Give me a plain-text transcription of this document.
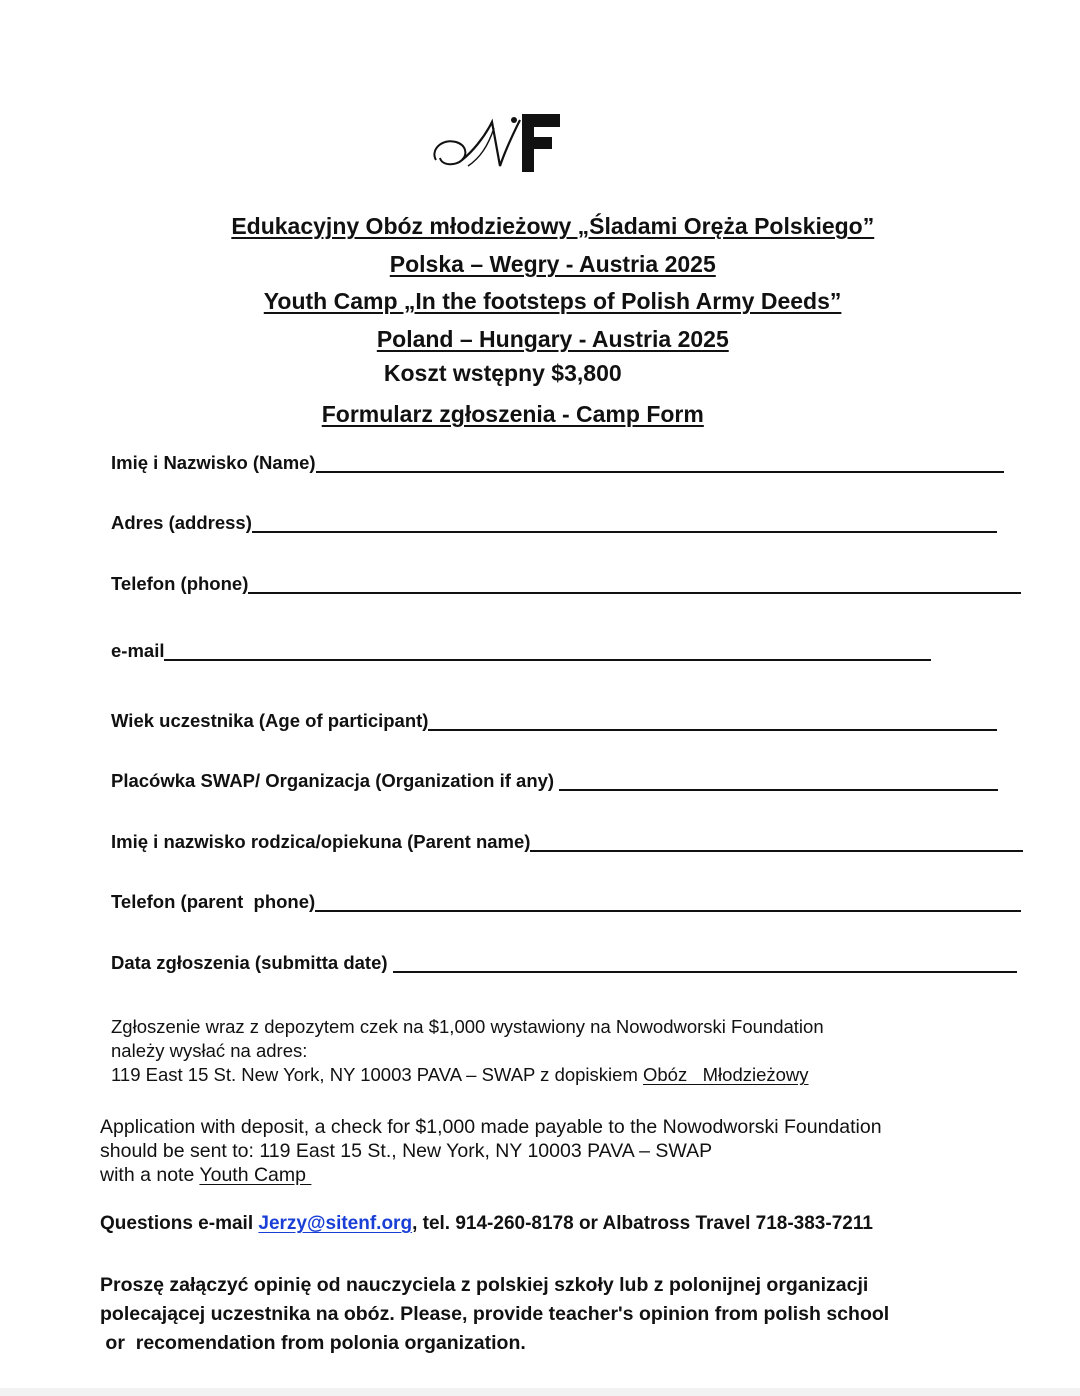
Edukacyjny Obóz młodzieżowy „Śladami Oręża Polskiego”

Polska – Wegry - Austria 2025

Youth Camp „In the footsteps of Polish Army Deeds”

Poland – Hungary - Austria 2025

Koszt wstępny $3,800

Formularz zgłoszenia - Camp Form

Imię i Nazwisko (Name)
Adres (address)
Telefon (phone)
e-mail
Wiek uczestnika (Age of participant)
Placówka SWAP/ Organizacja (Organization if any)
Imię i nazwisko rodzica/opiekuna (Parent name)
Telefon (parent  phone)
Data zgłoszenia (submitta date)
Zgłoszenie wraz z depozytem czek na $1,000 wystawiony na Nowodworski Foundation
należy wysłać na adres:
119 East 15 St. New York, NY 10003 PAVA – SWAP z dopiskiem Obóz   Młodzieżowy
Application with deposit, a check for $1,000 made payable to the Nowodworski Foundation
should be sent to: 119 East 15 St., New York, NY 10003 PAVA – SWAP
with a note Youth Camp
Questions e-mail Jerzy@sitenf.org, tel. 914-260-8178 or Albatross Travel 718-383-7211
Proszę załączyć opinię od nauczyciela z polskiej szkoły lub z polonijnej organizacji
polecającej uczestnika na obóz. Please, provide teacher's opinion from polish school
or  recomendation from polonia organization.
